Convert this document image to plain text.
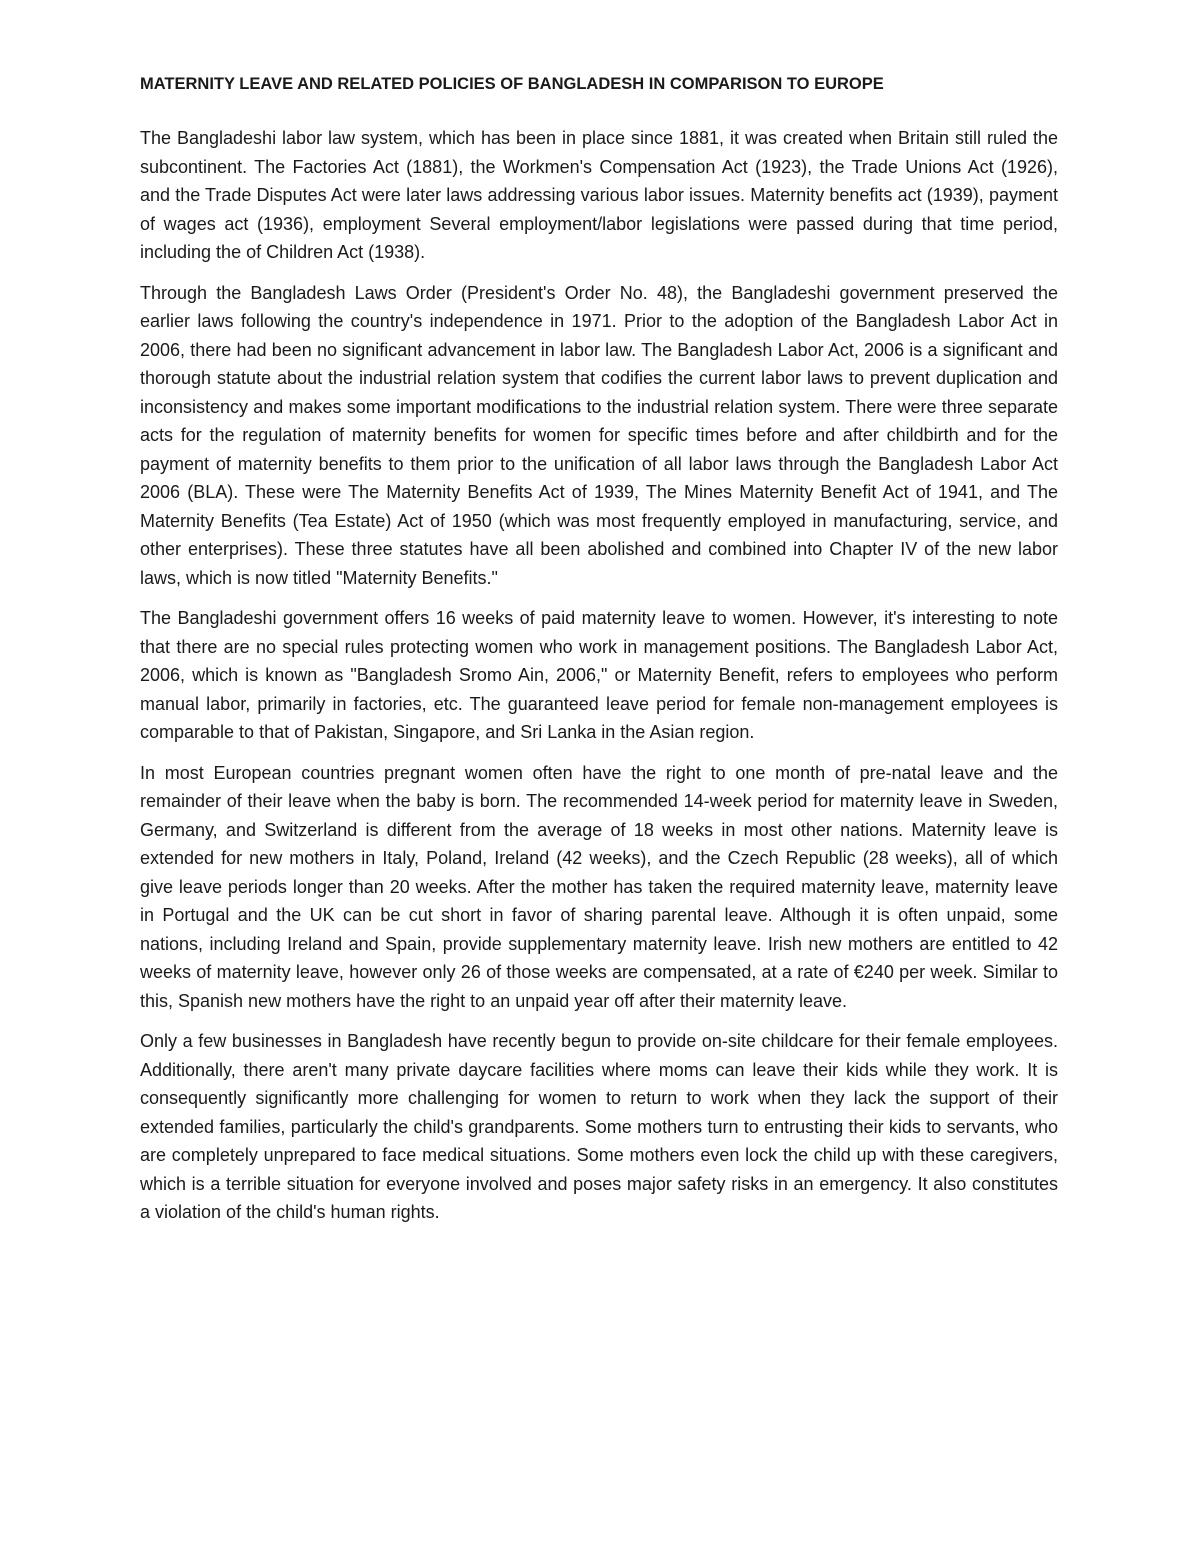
MATERNITY LEAVE AND RELATED POLICIES OF BANGLADESH IN COMPARISON TO EUROPE

The Bangladeshi labor law system, which has been in place since 1881, it was created when Britain still ruled the subcontinent. The Factories Act (1881), the Workmen's Compensation Act (1923), the Trade Unions Act (1926), and the Trade Disputes Act were later laws addressing various labor issues. Maternity benefits act (1939), payment of wages act (1936), employment Several employment/labor legislations were passed during that time period, including the of Children Act (1938).

Through the Bangladesh Laws Order (President's Order No. 48), the Bangladeshi government preserved the earlier laws following the country's independence in 1971. Prior to the adoption of the Bangladesh Labor Act in 2006, there had been no significant advancement in labor law. The Bangladesh Labor Act, 2006 is a significant and thorough statute about the industrial relation system that codifies the current labor laws to prevent duplication and inconsistency and makes some important modifications to the industrial relation system. There were three separate acts for the regulation of maternity benefits for women for specific times before and after childbirth and for the payment of maternity benefits to them prior to the unification of all labor laws through the Bangladesh Labor Act 2006 (BLA). These were The Maternity Benefits Act of 1939, The Mines Maternity Benefit Act of 1941, and The Maternity Benefits (Tea Estate) Act of 1950 (which was most frequently employed in manufacturing, service, and other enterprises). These three statutes have all been abolished and combined into Chapter IV of the new labor laws, which is now titled "Maternity Benefits."

The Bangladeshi government offers 16 weeks of paid maternity leave to women. However, it's interesting to note that there are no special rules protecting women who work in management positions. The Bangladesh Labor Act, 2006, which is known as "Bangladesh Sromo Ain, 2006," or Maternity Benefit, refers to employees who perform manual labor, primarily in factories, etc. The guaranteed leave period for female non-management employees is comparable to that of Pakistan, Singapore, and Sri Lanka in the Asian region.

In most European countries pregnant women often have the right to one month of pre-natal leave and the remainder of their leave when the baby is born. The recommended 14-week period for maternity leave in Sweden, Germany, and Switzerland is different from the average of 18 weeks in most other nations. Maternity leave is extended for new mothers in Italy, Poland, Ireland (42 weeks), and the Czech Republic (28 weeks), all of which give leave periods longer than 20 weeks. After the mother has taken the required maternity leave, maternity leave in Portugal and the UK can be cut short in favor of sharing parental leave. Although it is often unpaid, some nations, including Ireland and Spain, provide supplementary maternity leave. Irish new mothers are entitled to 42 weeks of maternity leave, however only 26 of those weeks are compensated, at a rate of €240 per week. Similar to this, Spanish new mothers have the right to an unpaid year off after their maternity leave.

Only a few businesses in Bangladesh have recently begun to provide on-site childcare for their female employees. Additionally, there aren't many private daycare facilities where moms can leave their kids while they work. It is consequently significantly more challenging for women to return to work when they lack the support of their extended families, particularly the child's grandparents. Some mothers turn to entrusting their kids to servants, who are completely unprepared to face medical situations. Some mothers even lock the child up with these caregivers, which is a terrible situation for everyone involved and poses major safety risks in an emergency. It also constitutes a violation of the child's human rights.
